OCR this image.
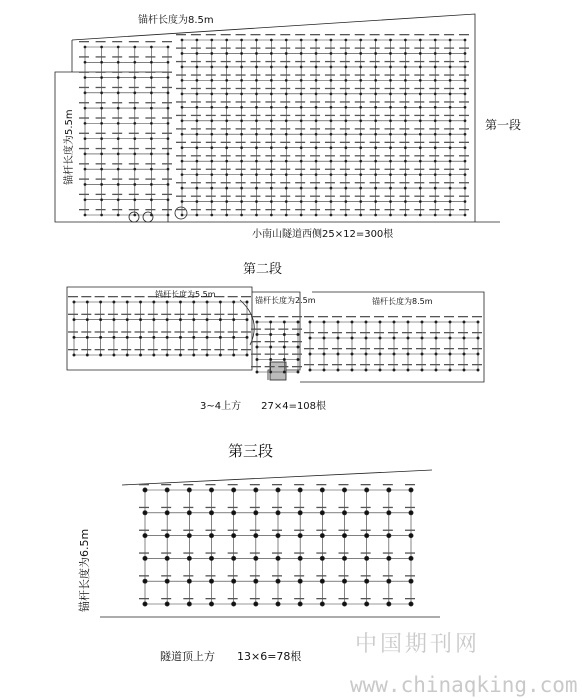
锚杆长度为8.5m
锚杆长度为5.5m	第一段
小南山隧道西侧25×12=300根
第二段
锚杆长度为5.5m
锚杆长度为2.5m	锚杆长度为8.5m
3~4上方　　27×4=108根
第三段
锚杆长度为6.5m
隧道顶上方　　13×6=78根 中国期刊网
www.chinaqking.com
